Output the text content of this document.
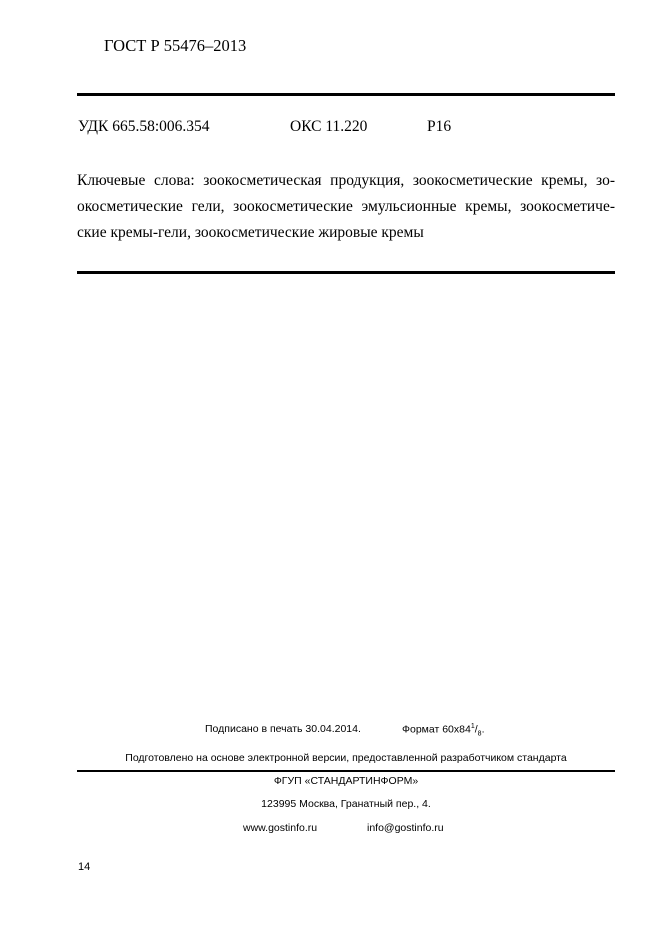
ГОСТ Р 55476–2013
УДК 665.58:006.354	ОКС 11.220	Р16
Ключевые слова: зоокосметическая продукция, зоокосметические кремы, зо-
окосметические гели, зоокосметические эмульсионные кремы, зоокосметиче-
ские кремы-гели, зоокосметические жировые кремы
Подписано в печать 30.04.2014.	Формат $60х84^1/_8$.
Подготовлено на основе электронной версии, предоставленной разработчиком стандарта
ФГУП «СТАНДАРТИНФОРМ»
123995 Москва, Гранатный пер., 4.
www.gostinfo.ru	info@gostinfo.ru
14
